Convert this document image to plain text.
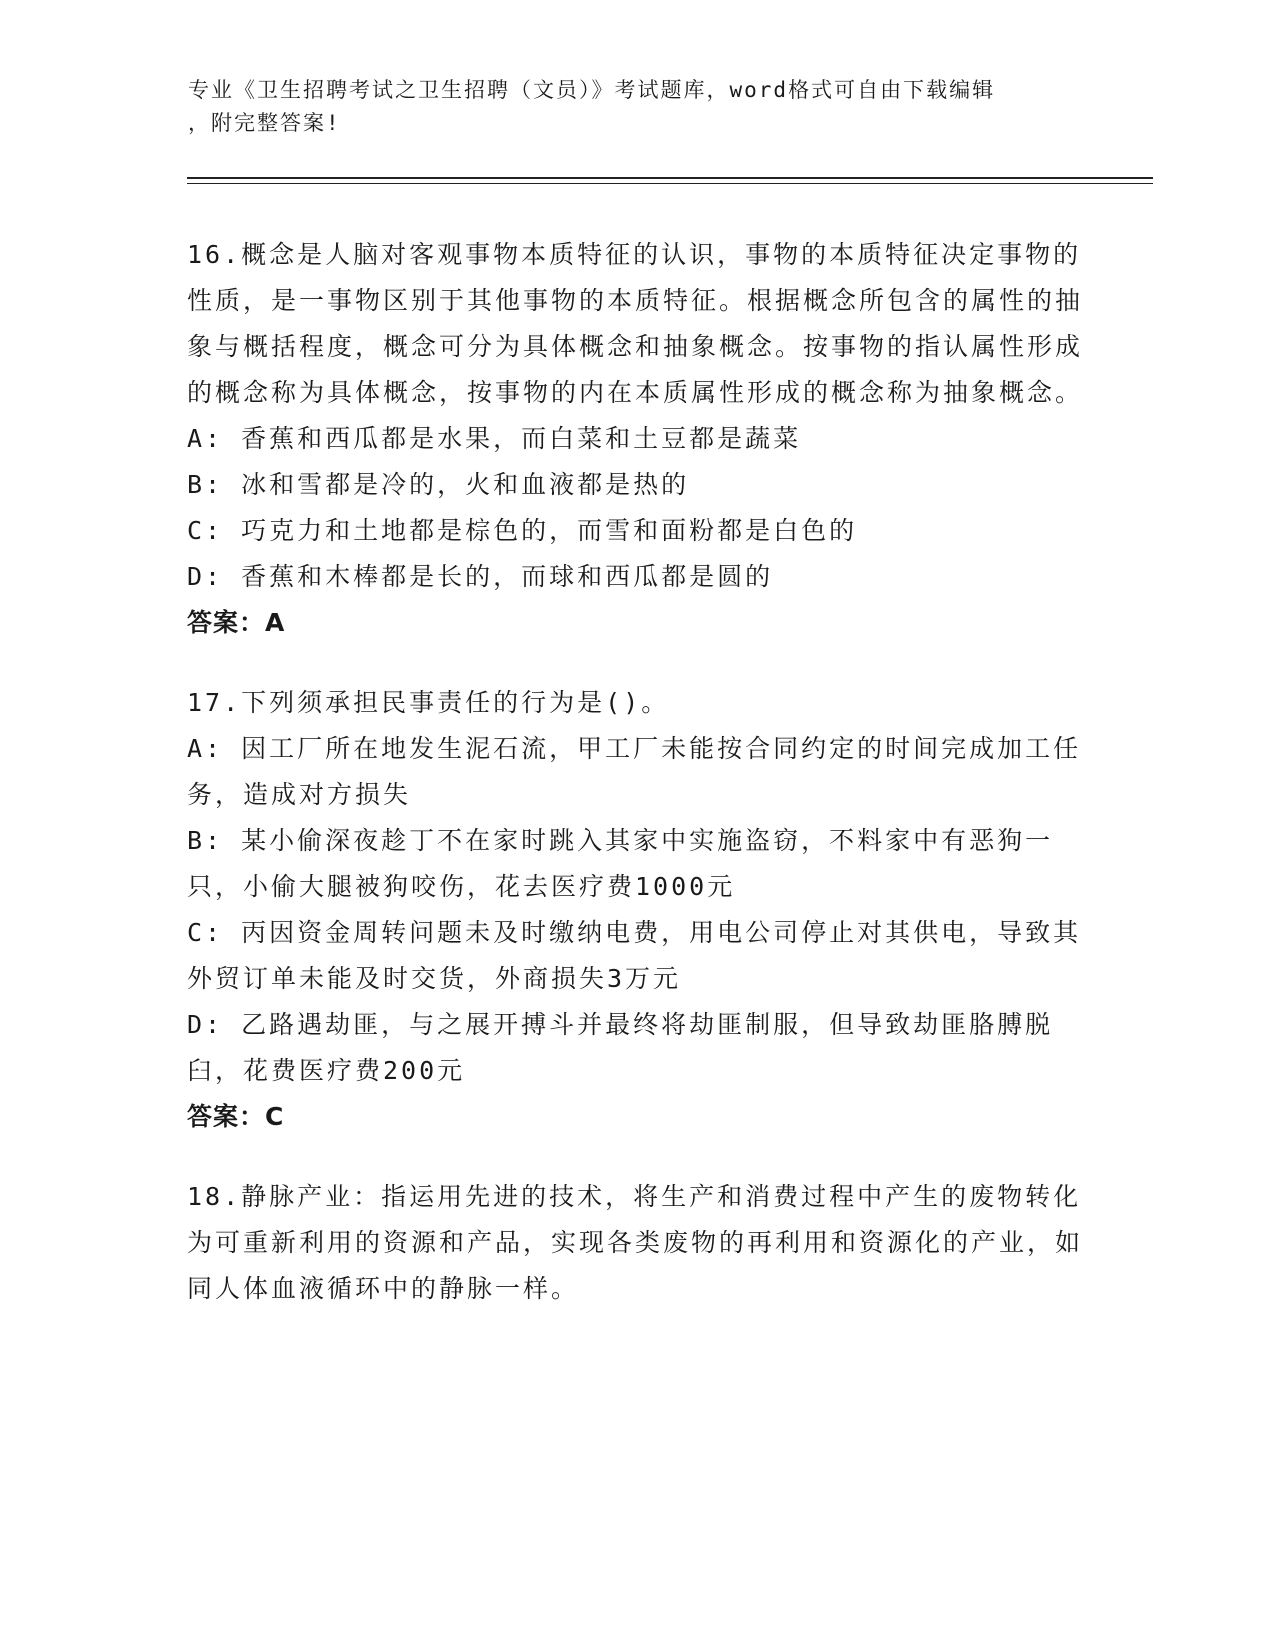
专业《卫生招聘考试之卫生招聘（文员）》考试题库，word格式可自由下载编辑
，附完整答案!
16.概念是人脑对客观事物本质特征的认识，事物的本质特征决定事物的性质，是一事物区别于其他事物的本质特征。根据概念所包含的属性的抽象与概括程度，概念可分为具体概念和抽象概念。按事物的指认属性形成的概念称为具体概念，按事物的内在本质属性形成的概念称为抽象概念。
A: 香蕉和西瓜都是水果，而白菜和土豆都是蔬菜
B: 冰和雪都是冷的，火和血液都是热的
C: 巧克力和土地都是棕色的，而雪和面粉都是白色的
D: 香蕉和木棒都是长的，而球和西瓜都是圆的
答案：A
17.下列须承担民事责任的行为是()。
A: 因工厂所在地发生泥石流，甲工厂未能按合同约定的时间完成加工任务，造成对方损失
B: 某小偷深夜趁丁不在家时跳入其家中实施盗窃，不料家中有恶狗一只，小偷大腿被狗咬伤，花去医疗费1000元
C: 丙因资金周转问题未及时缴纳电费，用电公司停止对其供电，导致其外贸订单未能及时交货，外商损失3万元
D: 乙路遇劫匪，与之展开搏斗并最终将劫匪制服，但导致劫匪胳膊脱臼，花费医疗费200元
答案：C
18.静脉产业：指运用先进的技术，将生产和消费过程中产生的废物转化为可重新利用的资源和产品，实现各类废物的再利用和资源化的产业，如同人体血液循环中的静脉一样。
